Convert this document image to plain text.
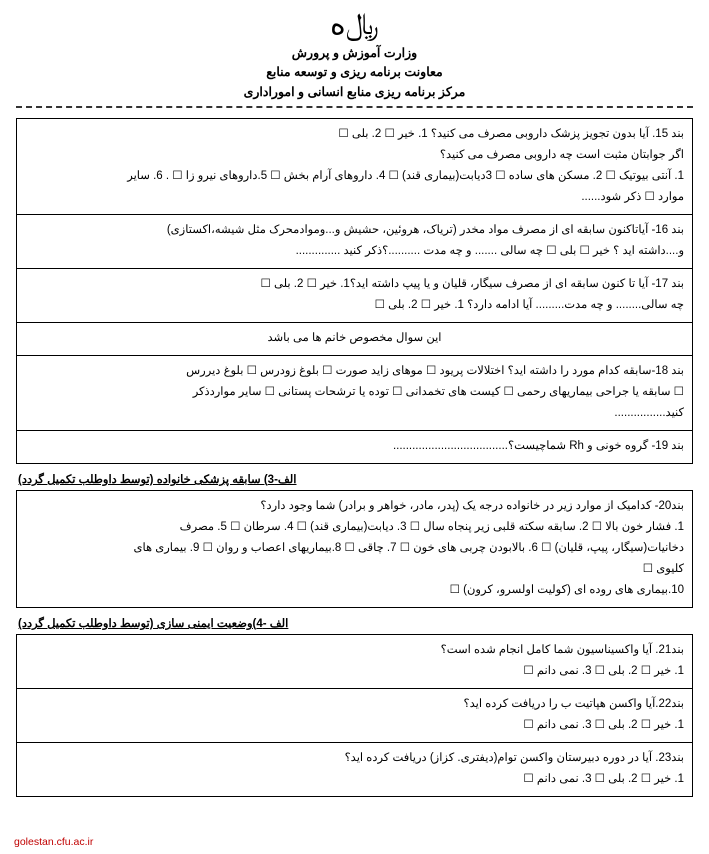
﷼ە
وزارت آموزش و پرورش
معاونت برنامه ریزی و توسعه منابع
مرکز برنامه ریزی منابع انسانی و اموراداری
بند 15. آیا بدون تجویز پزشک داروبی مصرف می کنید؟ 1. خیر ☐ 2. بلی ☐
اگر جوابتان مثبت است چه داروبی مصرف می کنید؟
1. آنتی بیوتیک ☐ 2. مسکن های ساده ☐ 3دیابت(بیماری قند) ☐ 4. داروهای آرام بخش ☐ 5.داروهای نیرو زا ☐ . 6. سایر
موارد ☐ ذکر شود......
بند 16- آیاتاکنون سابقه ای از مصرف مواد مخدر (تریاک، هروئین، حشیش و...وموادمحرک مثل شیشه،اکستازی)
و....داشته اید ؟ خیر ☐ بلی ☐ چه سالی ....... و چه مدت ..........؟ذکر کنید ..............
بند 17- آیا تا کنون سابقه ای از مصرف سیگار، قلیان و یا پیپ داشته اید؟1. خیر ☐ 2. بلی ☐
چه سالی........ و چه مدت......... آیا ادامه دارد؟ 1. خیر ☐ 2. بلی ☐
این سوال مخصوص خانم ها می باشد
بند 18-سابقه کدام مورد را داشته اید؟ اختلالات پریود ☐ موهای زاید صورت ☐ بلوغ زودرس ☐ بلوغ دیررس
☐ سابقه یا جراحی بیماریهای رحمی ☐ کیست های تخمدانی ☐ توده یا ترشحات پستانی ☐ سایر مواردذکر
کنید................
بند 19- گروه خونی و Rh شماچیست؟....................................
الف-3) سابقه پزشکی خانواده (توسط داوطلب تکمیل گردد)
بند20- کدامیک از موارد زیر در خانواده درجه یک (پدر، مادر، خواهر و برادر) شما وجود دارد؟
1. فشار خون بالا ☐ 2. سابقه سکته قلبی زیر پنجاه سال ☐ 3. دیابت(بیماری قند) ☐ 4. سرطان ☐ 5. مصرف
دخانیات(سیگار، پیپ، قلیان) ☐ 6. بالابودن چربی های خون ☐ 7. چاقی ☐ 8.بیماریهای اعصاب و روان ☐ 9. بیماری های
کلیوی ☐
10.بیماری های روده ای (کولیت اولسرو، کرون) ☐
الف -4)وضعیت ایمنی سازی (توسط داوطلب تکمیل گردد)
بند21. آیا واکسیناسیون شما کامل انجام شده است؟
1. خیر ☐ 2. بلی ☐ 3. نمی دانم ☐
بند22.آیا واکسن هپاتیت ب را دریافت کرده اید؟
1. خیر ☐ 2. بلی ☐ 3. نمی دانم ☐
بند23. آیا در دوره دبیرستان واکسن توام(دیفتری. کزاز) دریافت کرده اید؟
1. خیر ☐ 2. بلی ☐ 3. نمی دانم ☐
golestan.cfu.ac.ir
